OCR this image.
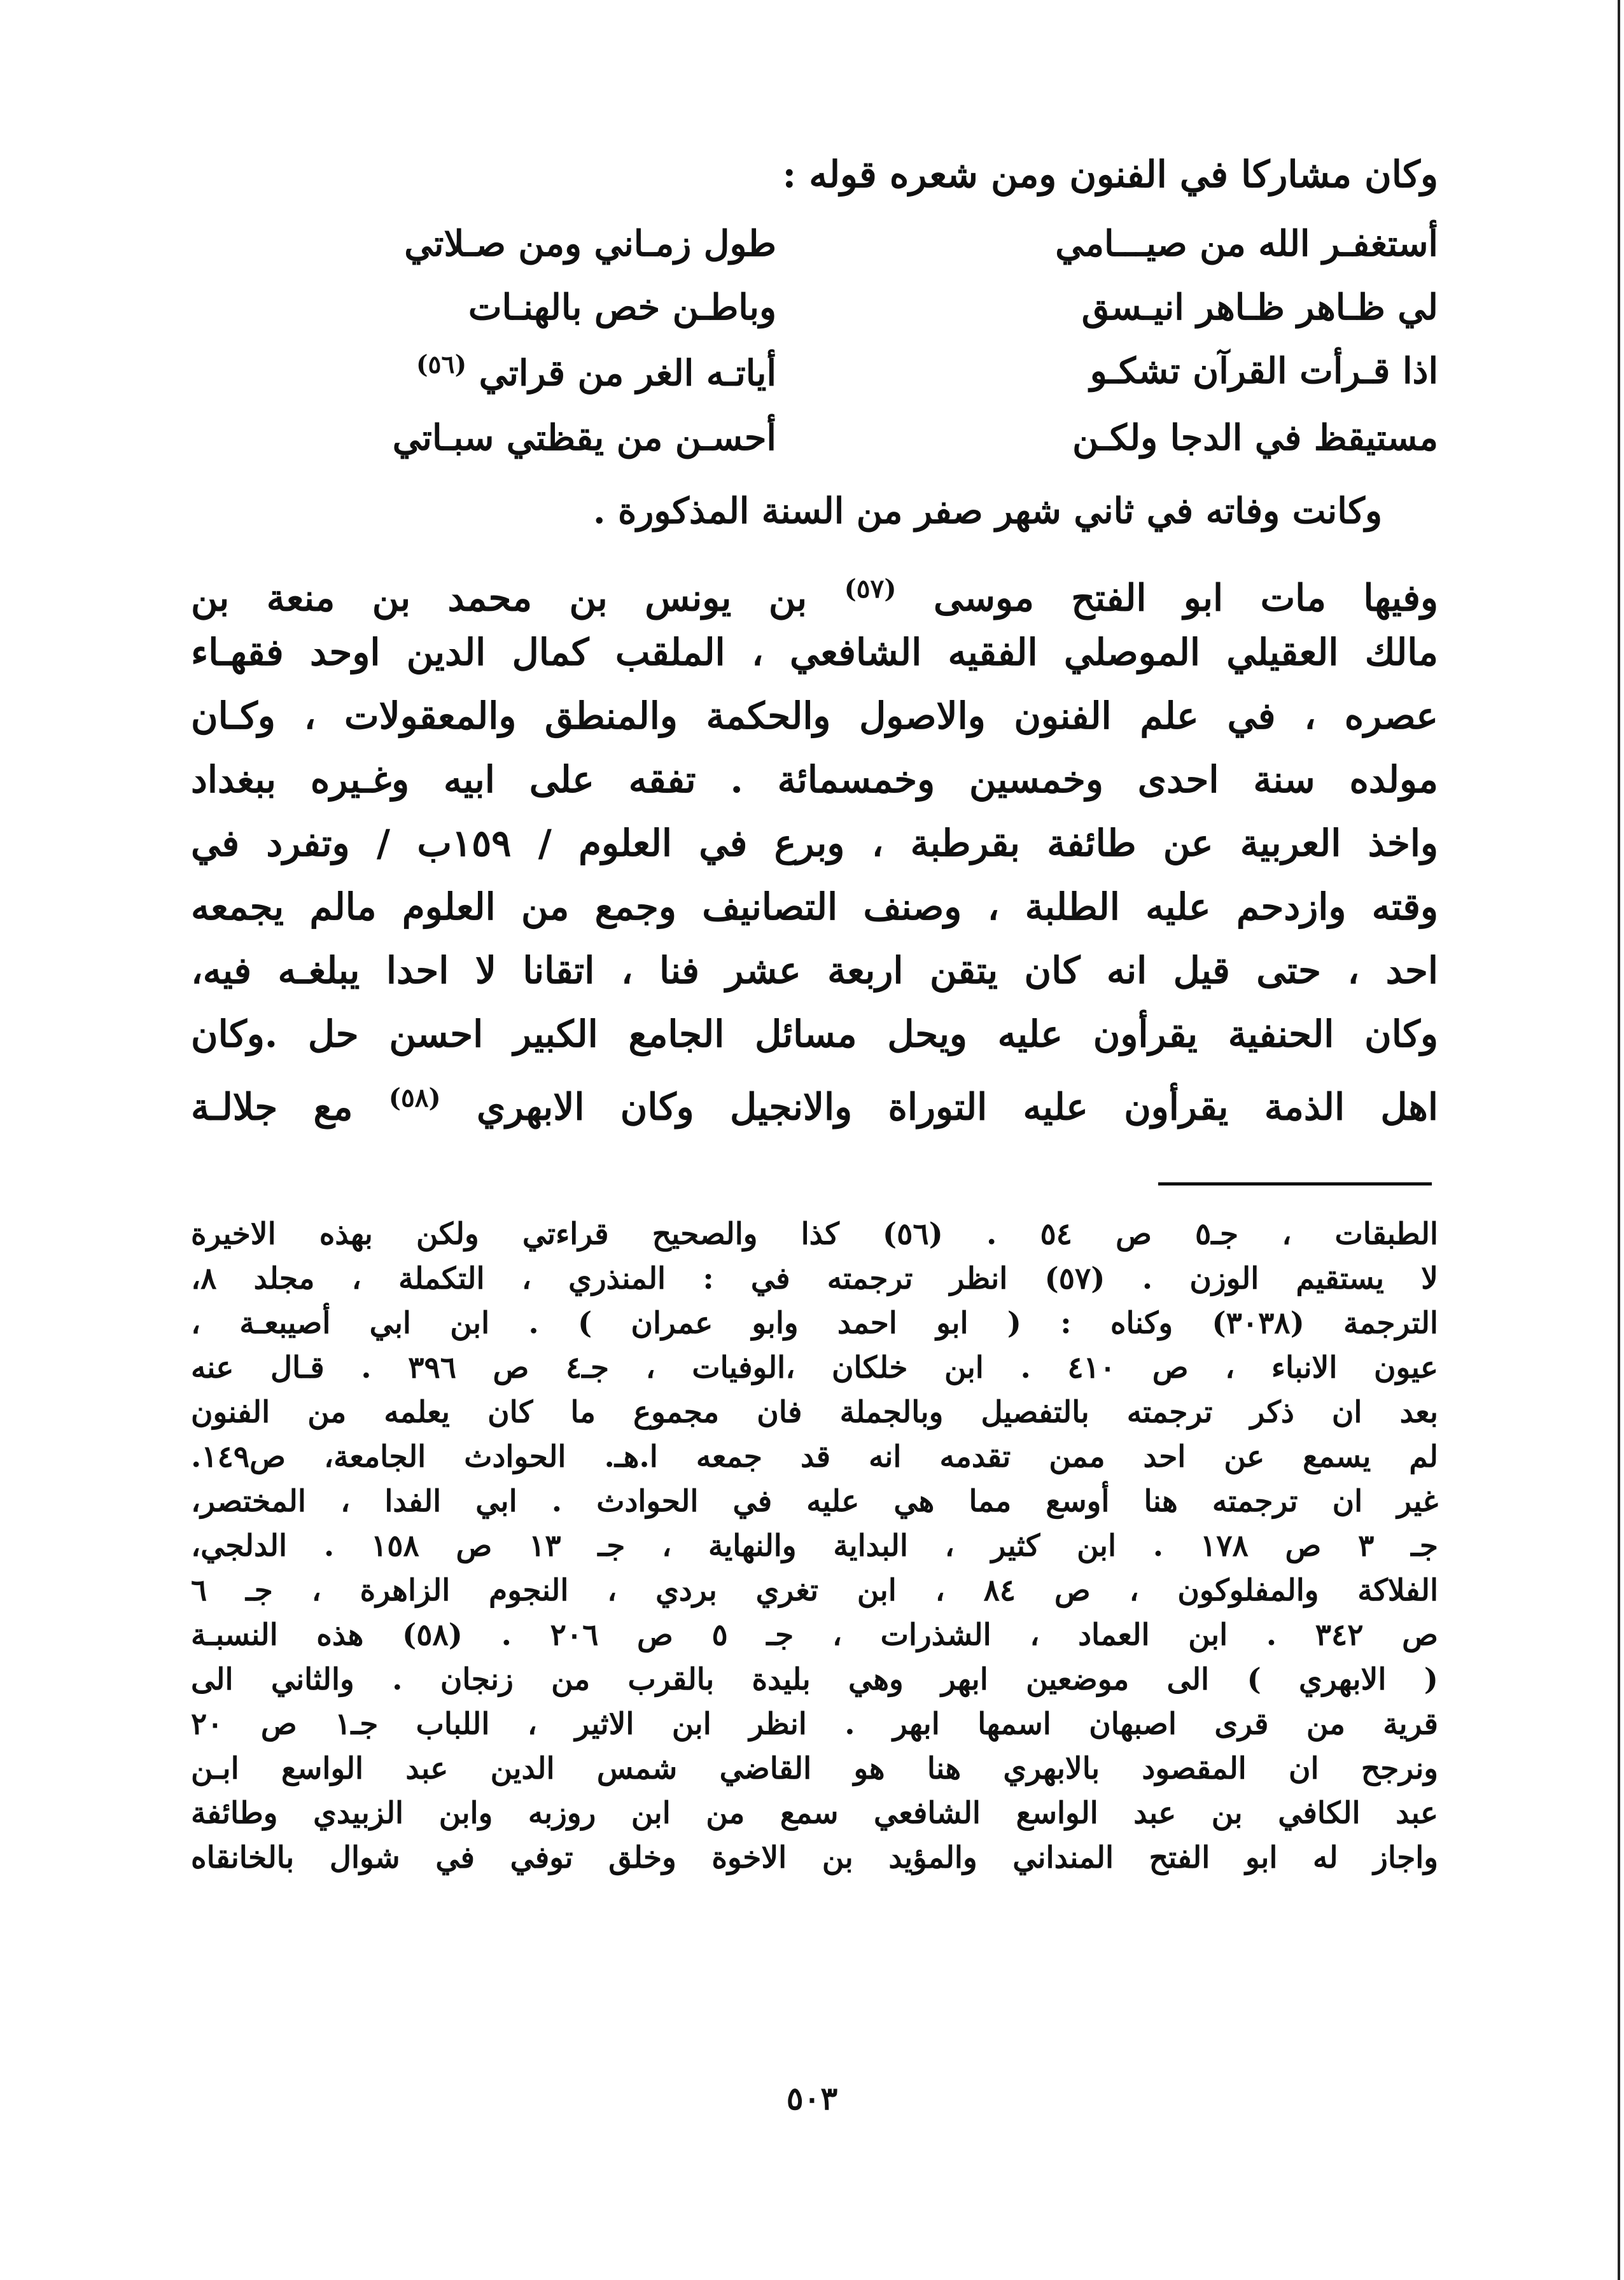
وكان مشاركا في الفنون ومن شعره قوله :
أستغفـر الله من صيـــامي
طول زمـاني ومن صـلاتي
لي ظـاهر ظـاهر انيـسق
وباطـن خص بالهنـات
اذا قـرأت القرآن تشكـو
أياتـه الغر من قراتي $^{(٥٦)}$
مستيقظ في الدجا ولكـن
أحسـن من يقظتي سبـاتي
وكانت وفاته في ثاني شهر صفر من السنة المذكورة .
وفيها مات ابو الفتح موسى $^{(٥٧)}$ بن يونس بن محمد بن منعة بن
مالك العقيلي الموصلي الفقيه الشافعي ، الملقب كمال الدين اوحد فقهـاء
عصره ، في علم الفنون والاصول والحكمة والمنطق والمعقولات ، وكـان
مولده سنة احدى وخمسين وخمسمائة . تفقه على ابيه وغـيره ببغداد
واخذ العربية عن طائفة بقرطبة ، وبرع في العلوم / ١٥٩ب / وتفرد في
وقته وازدحم عليه الطلبة ، وصنف التصانيف وجمع من العلوم مالم يجمعه
احد ، حتى قيل انه كان يتقن اربعة عشر فنا ، اتقانا لا احدا يبلغـه فيه،
وكان الحنفية يقرأون عليه ويحل مسائل الجامع الكبير احسن حل .وكان
اهل الذمة يقرأون عليه التوراة والانجيل وكان الابهري $^{(٥٨)}$ مع جلالـة
الطبقات ، جـ٥ ص ٥٤ . (٥٦) كذا والصحيح قراءتي ولكن بهذه الاخيرة
لا يستقيم الوزن . (٥٧) انظر ترجمته في : المنذري ، التكملة ، مجلد ٨،
الترجمة (٣٠٣٨) وكناه : ( ابو احمد وابو عمران ) . ابن ابي أصيبعـة ،
عيون الانباء ، ص ٤١٠ . ابن خلكان ،الوفيات ، جـ٤ ص ٣٩٦ . قـال عنه
بعد ان ذكر ترجمته بالتفصيل وبالجملة فان مجموع ما كان يعلمه من الفنون
لم يسمع عن احد ممن تقدمه انه قد جمعه ا.هـ. الحوادث الجامعة، ص١٤٩.
غير ان ترجمته هنا أوسع مما هي عليه في الحوادث . ابي الفدا ، المختصر،
جـ ٣ ص ١٧٨ . ابن كثير ، البداية والنهاية ، جـ ١٣ ص ١٥٨ . الدلجي،
الفلاكة والمفلوكون ، ص ٨٤ ، ابن تغري بردي ، النجوم الزاهرة ، جـ ٦
ص ٣٤٢ . ابن العماد ، الشذرات ، جـ ٥ ص ٢٠٦ . (٥٨) هذه النسبـة
( الابهري ) الى موضعين ابهر وهي بليدة بالقرب من زنجان . والثاني الى
قرية من قرى اصبهان اسمها ابهر . انظر ابن الاثير ، اللباب جـ١ ص ٢٠
ونرجح ان المقصود بالابهري هنا هو القاضي شمس الدين عبد الواسع ابـن
عبد الكافي بن عبد الواسع الشافعي سمع من ابن روزبه وابن الزبيدي وطائفة
واجاز له ابو الفتح المنداني والمؤيد بن الاخوة وخلق توفي في شوال بالخانقاه
٥٠٣
